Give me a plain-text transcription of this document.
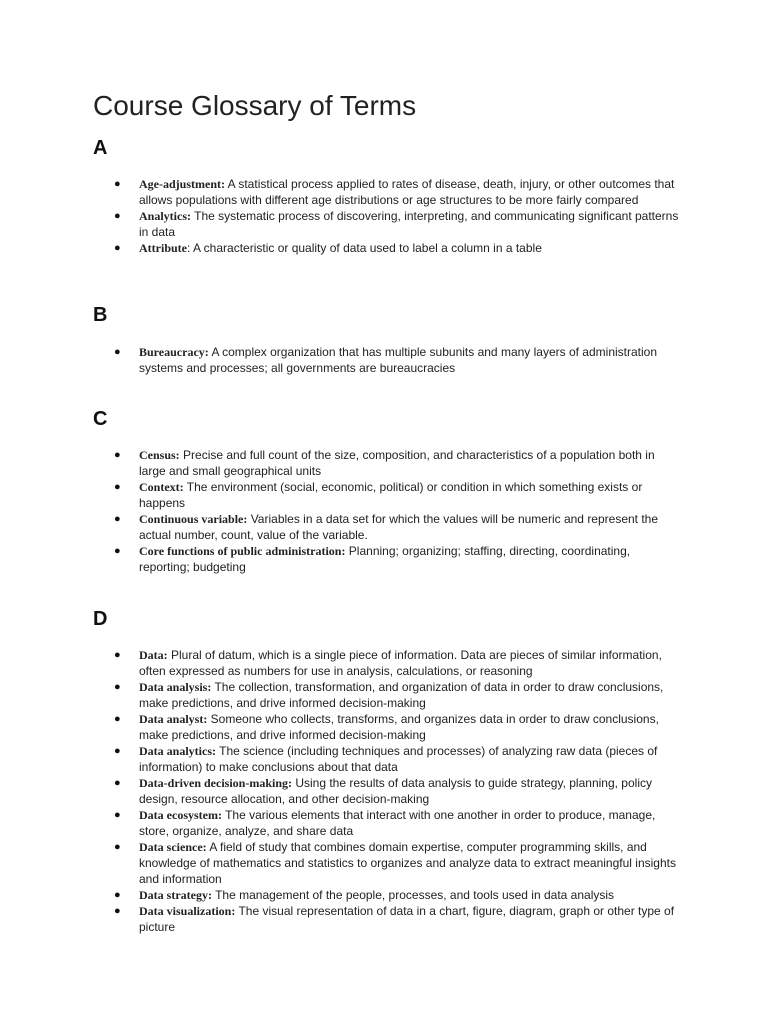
Course Glossary of Terms
A
● Age-adjustment: A statistical process applied to rates of disease, death, injury, or other outcomes that allows populations with different age distributions or age structures to be more fairly compared
● Analytics: The systematic process of discovering, interpreting, and communicating significant patterns in data
● Attribute: A characteristic or quality of data used to label a column in a table
B
● Bureaucracy: A complex organization that has multiple subunits and many layers of administration systems and processes; all governments are bureaucracies
C
● Census: Precise and full count of the size, composition, and characteristics of a population both in large and small geographical units
● Context: The environment (social, economic, political) or condition in which something exists or happens
● Continuous variable: Variables in a data set for which the values will be numeric and represent the actual number, count, value of the variable.
● Core functions of public administration: Planning; organizing; staffing, directing, coordinating, reporting; budgeting
D
● Data: Plural of datum, which is a single piece of information. Data are pieces of similar information, often expressed as numbers for use in analysis, calculations, or reasoning
● Data analysis: The collection, transformation, and organization of data in order to draw conclusions, make predictions, and drive informed decision-making
● Data analyst: Someone who collects, transforms, and organizes data in order to draw conclusions, make predictions, and drive informed decision-making
● Data analytics: The science (including techniques and processes) of analyzing raw data (pieces of information) to make conclusions about that data
● Data-driven decision-making: Using the results of data analysis to guide strategy, planning, policy design, resource allocation, and other decision-making
● Data ecosystem: The various elements that interact with one another in order to produce, manage, store, organize, analyze, and share data
● Data science: A field of study that combines domain expertise, computer programming skills, and knowledge of mathematics and statistics to organizes and analyze data to extract meaningful insights and information
● Data strategy: The management of the people, processes, and tools used in data analysis
● Data visualization: The visual representation of data in a chart, figure, diagram, graph or other type of picture
